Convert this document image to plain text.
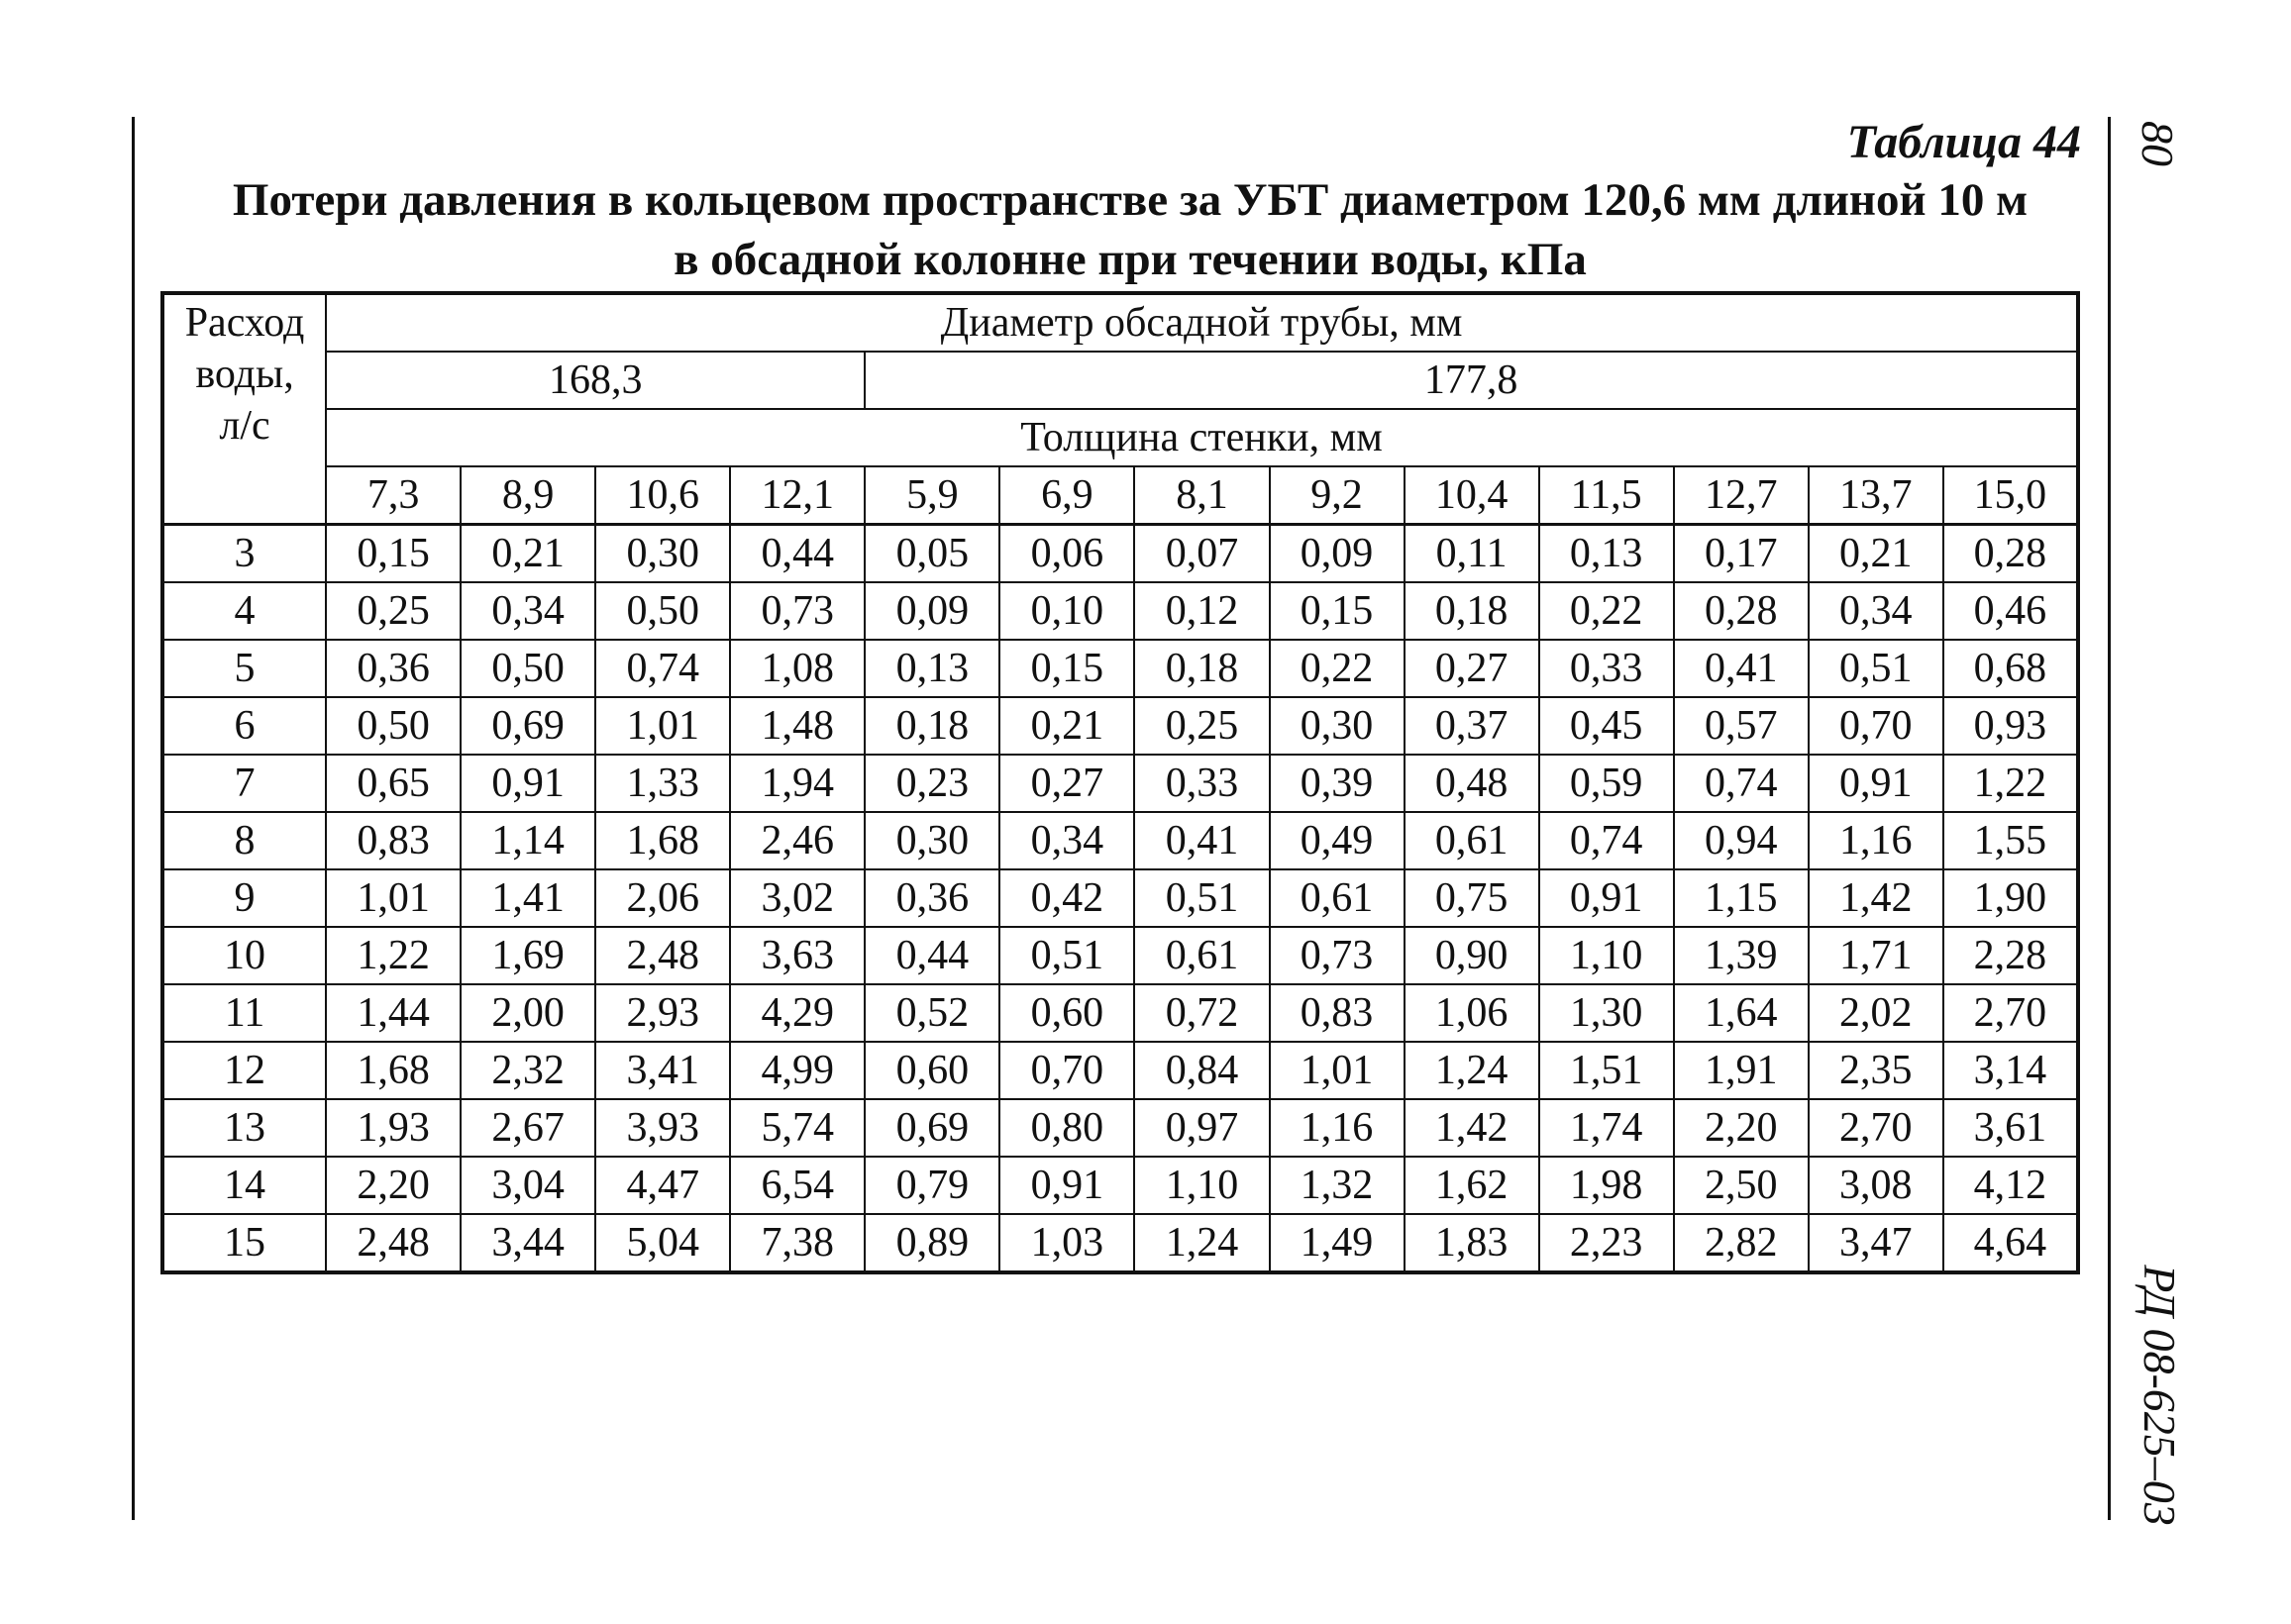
Таблица 44
Потери давления в кольцевом пространстве за УБТ диаметром 120,6 мм длиной 10 м
в обсадной колонне при течении воды, кПа
80
РД 08-625–03
Расход
воды,
л/с	Диаметр обсадной трубы, мм												
	168,3				177,8								
	Толщина стенки, мм												
	7,3	8,9	10,6	12,1	5,9	6,9	8,1	9,2	10,4	11,5	12,7	13,7	15,0
3	0,15	0,21	0,30	0,44	0,05	0,06	0,07	0,09	0,11	0,13	0,17	0,21	0,28
4	0,25	0,34	0,50	0,73	0,09	0,10	0,12	0,15	0,18	0,22	0,28	0,34	0,46
5	0,36	0,50	0,74	1,08	0,13	0,15	0,18	0,22	0,27	0,33	0,41	0,51	0,68
6	0,50	0,69	1,01	1,48	0,18	0,21	0,25	0,30	0,37	0,45	0,57	0,70	0,93
7	0,65	0,91	1,33	1,94	0,23	0,27	0,33	0,39	0,48	0,59	0,74	0,91	1,22
8	0,83	1,14	1,68	2,46	0,30	0,34	0,41	0,49	0,61	0,74	0,94	1,16	1,55
9	1,01	1,41	2,06	3,02	0,36	0,42	0,51	0,61	0,75	0,91	1,15	1,42	1,90
10	1,22	1,69	2,48	3,63	0,44	0,51	0,61	0,73	0,90	1,10	1,39	1,71	2,28
11	1,44	2,00	2,93	4,29	0,52	0,60	0,72	0,83	1,06	1,30	1,64	2,02	2,70
12	1,68	2,32	3,41	4,99	0,60	0,70	0,84	1,01	1,24	1,51	1,91	2,35	3,14
13	1,93	2,67	3,93	5,74	0,69	0,80	0,97	1,16	1,42	1,74	2,20	2,70	3,61
14	2,20	3,04	4,47	6,54	0,79	0,91	1,10	1,32	1,62	1,98	2,50	3,08	4,12
15	2,48	3,44	5,04	7,38	0,89	1,03	1,24	1,49	1,83	2,23	2,82	3,47	4,64
